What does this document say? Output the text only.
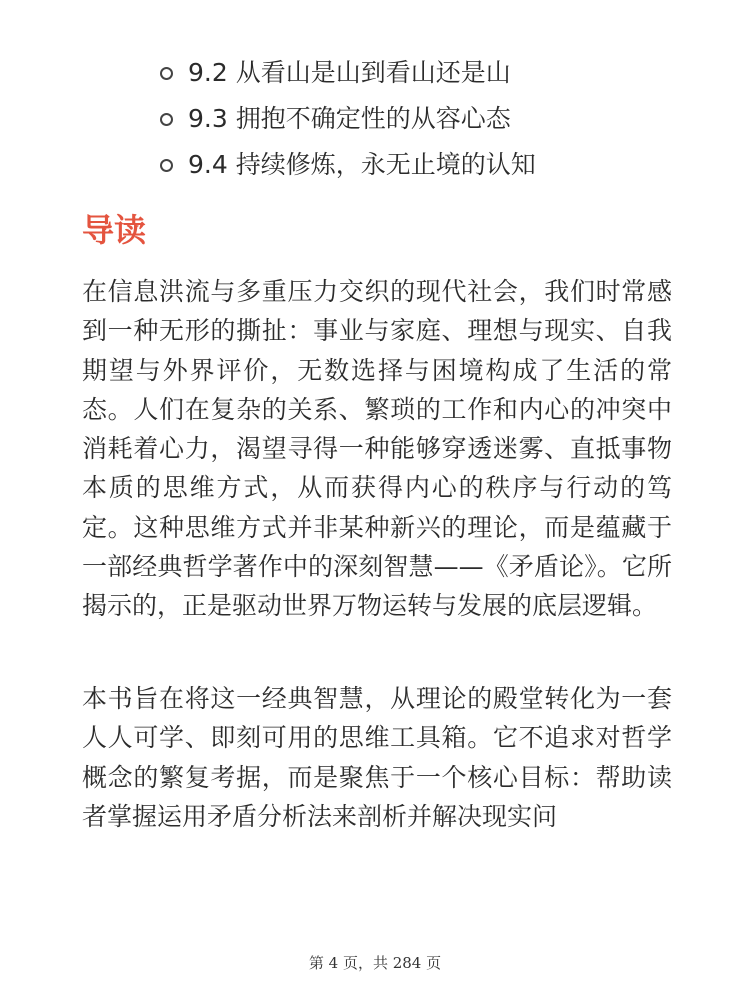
9.2 从看山是山到看山还是山
9.3 拥抱不确定性的从容心态
9.4 持续修炼，永无止境的认知
导读

在信息洪流与多重压力交织的现代社会，我们时常感到一种无形的撕扯：事业与家庭、理想与现实、自我期望与外界评价，无数选择与困境构成了生活的常态。人们在复杂的关系、繁琐的工作和内心的冲突中消耗着心力，渴望寻得一种能够穿透迷雾、直抵事物本质的思维方式，从而获得内心的秩序与行动的笃定。这种思维方式并非某种新兴的理论，而是蕴藏于一部经典哲学著作中的深刻智慧——《矛盾论》。它所揭示的，正是驱动世界万物运转与发展的底层逻辑。

本书旨在将这一经典智慧，从理论的殿堂转化为一套人人可学、即刻可用的思维工具箱。它不追求对哲学概念的繁复考据，而是聚焦于一个核心目标：帮助读者掌握运用矛盾分析法来剖析并解决现实问

第 4 页，共 284 页
